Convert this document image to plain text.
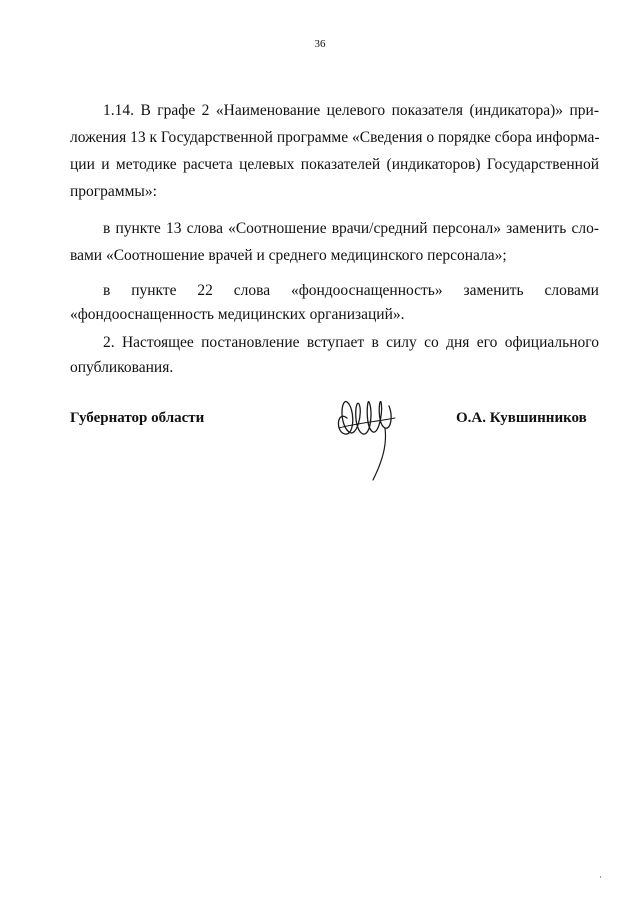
36
1.14. В графе 2 «Наименование целевого показателя (индикатора)» при-
ложения 13 к Государственной программе «Сведения о порядке сбора информа-
ции и методике расчета целевых показателей (индикаторов) Государственной
программы»:
в пункте 13 слова «Соотношение врачи/средний персонал» заменить сло-
вами «Соотношение врачей и среднего медицинского персонала»;
в пункте 22 слова «фондооснащенность» заменить словами
«фондооснащенность медицинских организаций».
2. Настоящее постановление вступает в силу со дня его официального
опубликования.
Губернатор области	О.А. Кувшинников
